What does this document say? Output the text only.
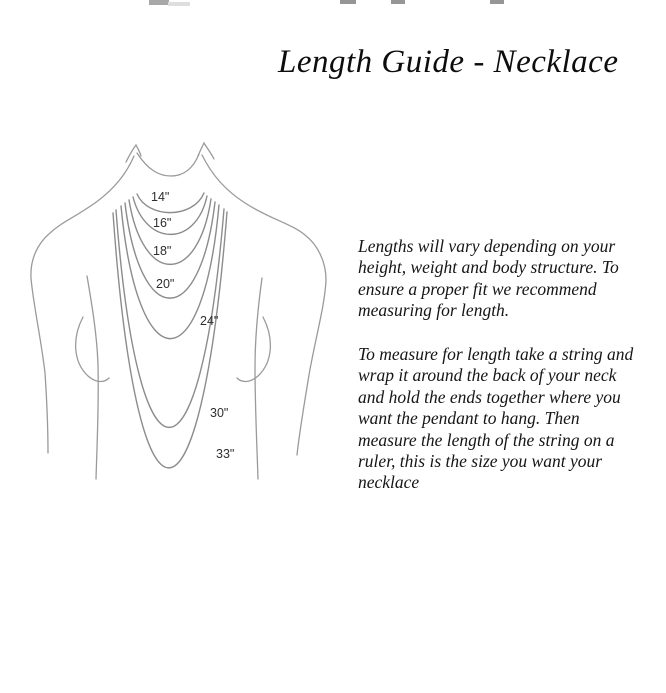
Length Guide - Necklace
14"
16"
18"
20"
24"
30"
33"
Lengths will vary depending on your
height, weight and body structure. To
ensure a proper fit we recommend
measuring for length.
To measure for length take a string and
wrap it around the back of your neck
and hold the ends together where you
want the pendant to hang. Then
measure the length of the string on a
ruler, this is the size you want your
necklace
